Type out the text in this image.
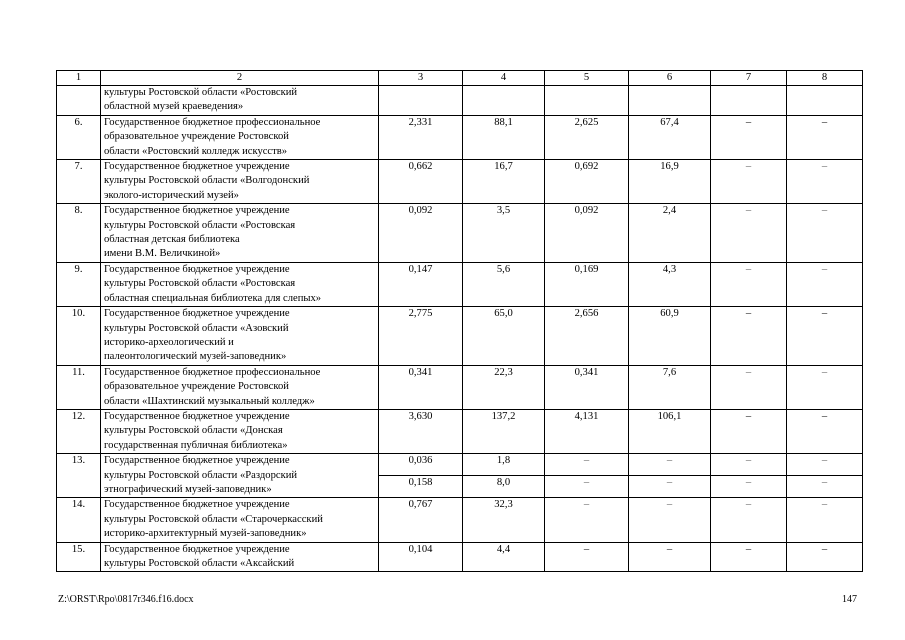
1	2	3	4	5	6	7	8

	культуры Ростовской области «Ростовский
областной музей краеведения»						

6.	Государственное бюджетное профессиональное
образовательное учреждение Ростовской
области «Ростовский колледж искусств»	2,331	88,1	2,625	67,4	–	–
7.	Государственное бюджетное учреждение
культуры Ростовской области «Волгодонский
эколого-исторический музей»	0,662	16,7	0,692	16,9	–	–
8.	Государственное бюджетное учреждение
культуры Ростовской области «Ростовская
областная детская библиотека
имени В.М. Величкиной»	0,092	3,5	0,092	2,4	–	–
9.	Государственное бюджетное учреждение
культуры Ростовской области «Ростовская
областная специальная библиотека для слепых»	0,147	5,6	0,169	4,3	–	–
10.	Государственное бюджетное учреждение
культуры Ростовской области «Азовский
историко-археологический и
палеонтологический музей-заповедник»	2,775	65,0	2,656	60,9	–	–
11.	Государственное бюджетное профессиональное
образовательное учреждение Ростовской
области «Шахтинский музыкальный колледж»	0,341	22,3	0,341	7,6	–	–
12.	Государственное бюджетное учреждение
культуры Ростовской области «Донская
государственная публичная библиотека»	3,630	137,2	4,131	106,1	–	–
13.	Государственное бюджетное учреждение
культуры Ростовской области «Раздорский
этнографический музей-заповедник»	0,036	1,8	–	–	–	–
		0,158	8,0	–	–	–	–
14.	Государственное бюджетное учреждение
культуры Ростовской области «Старочеркасский
историко-архитектурный музей-заповедник»	0,767	32,3	–	–	–	–
15.	Государственное бюджетное учреждение
культуры Ростовской области «Аксайский	0,104	4,4	–	–	–	–
Z:\ORST\Rpo\0817r346.f16.docx	147
